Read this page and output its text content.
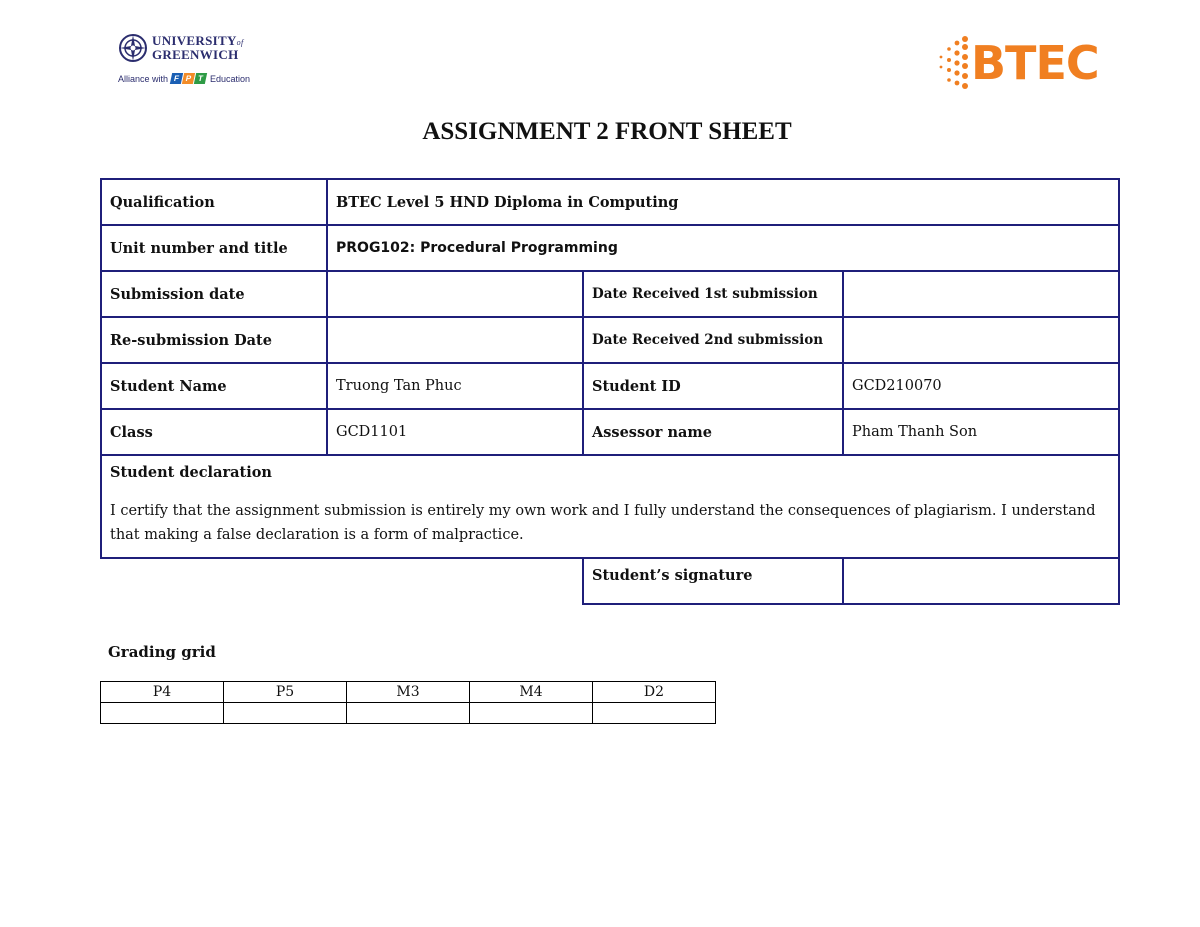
UNIVERSITYof
GREENWICH
Alliance with F P T Education	BTEC
ASSIGNMENT 2 FRONT SHEET
Qualification	BTEC Level 5 HND Diploma in Computing		
Unit number and title	PROG102: Procedural Programming		
Submission date		Date Received 1st submission	
Re-submission Date		Date Received 2nd submission	
Student Name	Truong Tan Phuc	Student ID	GCD210070
Class	GCD1101	Assessor name	Pham Thanh Son

Student declaration
I certify that the assignment submission is entirely my own work and I fully understand the consequences of plagiarism. I understand that making a false declaration is a form of malpractice.			

		Student’s signature	
Grading grid
P4	P5	M3	M4	D2
